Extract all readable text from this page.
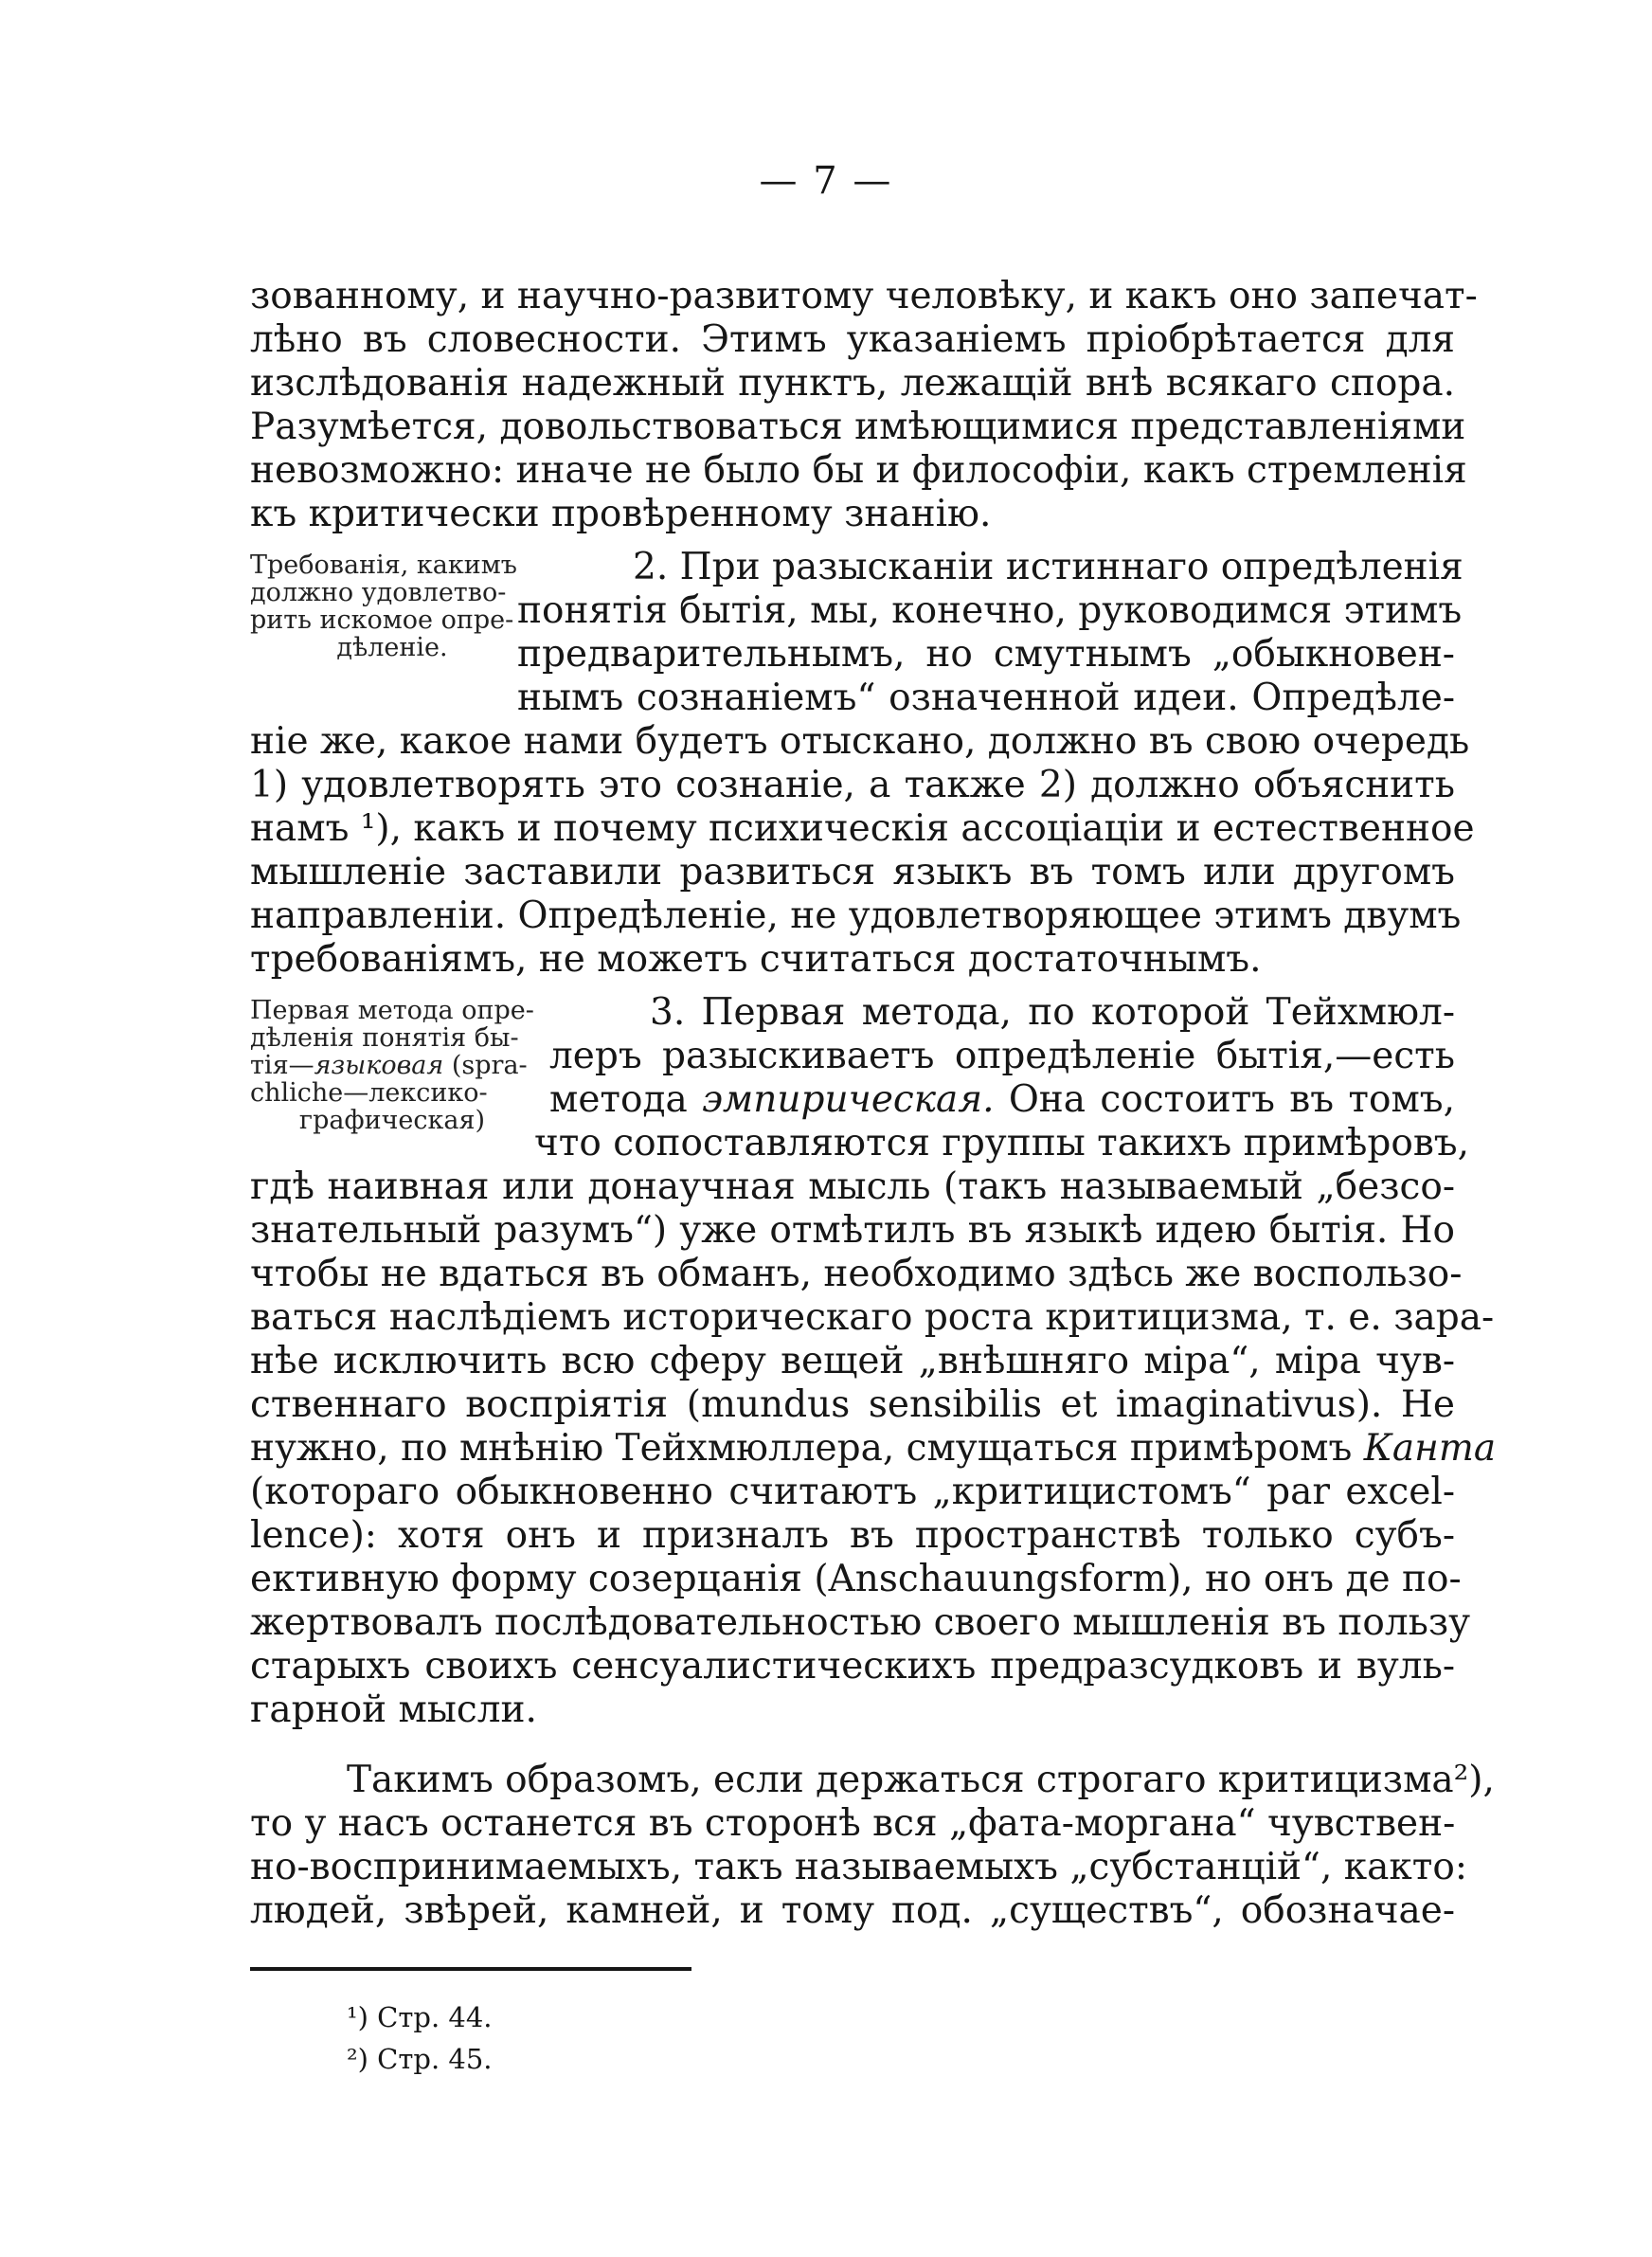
— 7 —
зованному, и научно-развитому человѣку, и какъ оно запечат-
лѣно въ словесности. Этимъ указаніемъ пріобрѣтается для
изслѣдованія надежный пунктъ, лежащій внѣ всякаго спора.
Разумѣется, довольствоваться имѣющимися представленіями
невозможно: иначе не было бы и философіи, какъ стремленія
къ критически провѣренному знанію.
Требованія, какимъ
должно удовлетво-
рить искомое опре-
дѣленіе.
2. При разысканіи истиннаго опредѣленія
понятія бытія, мы, конечно, руководимся этимъ
предварительнымъ, но смутнымъ „обыкновен-
нымъ сознаніемъ“ означенной идеи. Опредѣле-
ніе же, какое нами будетъ отыскано, должно въ свою очередь
1) удовлетворять это сознаніе, а также 2) должно объяснить
намъ ¹), какъ и почему психическія ассоціаціи и естественное
мышленіе заставили развиться языкъ въ томъ или другомъ
направленіи. Опредѣленіе, не удовлетворяющее этимъ двумъ
требованіямъ, не можетъ считаться достаточнымъ.
Первая метода опре-
дѣленія понятія бы-
тія—языковая (spra-
chliche—лексико-
графическая)
3. Первая метода, по которой Тейхмюл-
леръ разыскиваетъ опредѣленіе бытія,—есть
метода эмпирическая. Она состоитъ въ томъ,
что сопоставляются группы такихъ примѣровъ,
гдѣ наивная или донаучная мысль (такъ называемый „безсо-
знательный разумъ“) уже отмѣтилъ въ языкѣ идею бытія. Но
чтобы не вдаться въ обманъ, необходимо здѣсь же воспользо-
ваться наслѣдіемъ историческаго роста критицизма, т. е. зара-
нѣе исключить всю сферу вещей „внѣшняго міра“, міра чув-
ственнаго воспріятія (mundus sensibilis et imaginativus). Не
нужно, по мнѣнію Тейхмюллера, смущаться примѣромъ Канта
(котораго обыкновенно считаютъ „критицистомъ“ par excel-
lence): хотя онъ и призналъ въ пространствѣ только субъ-
ективную форму созерцанія (Anschauungsform), но онъ де по-
жертвовалъ послѣдовательностью своего мышленія въ пользу
старыхъ своихъ сенсуалистическихъ предразсудковъ и вуль-
гарной мысли.
Такимъ образомъ, если держаться строгаго критицизма²),
то у насъ останется въ сторонѣ вся „фата-моргана“ чувствен-
но-воспринимаемыхъ, такъ называемыхъ „субстанцій“, както:
людей, звѣрей, камней, и тому под. „существъ“, обозначае-
¹) Стр. 44.
²) Стр. 45.
